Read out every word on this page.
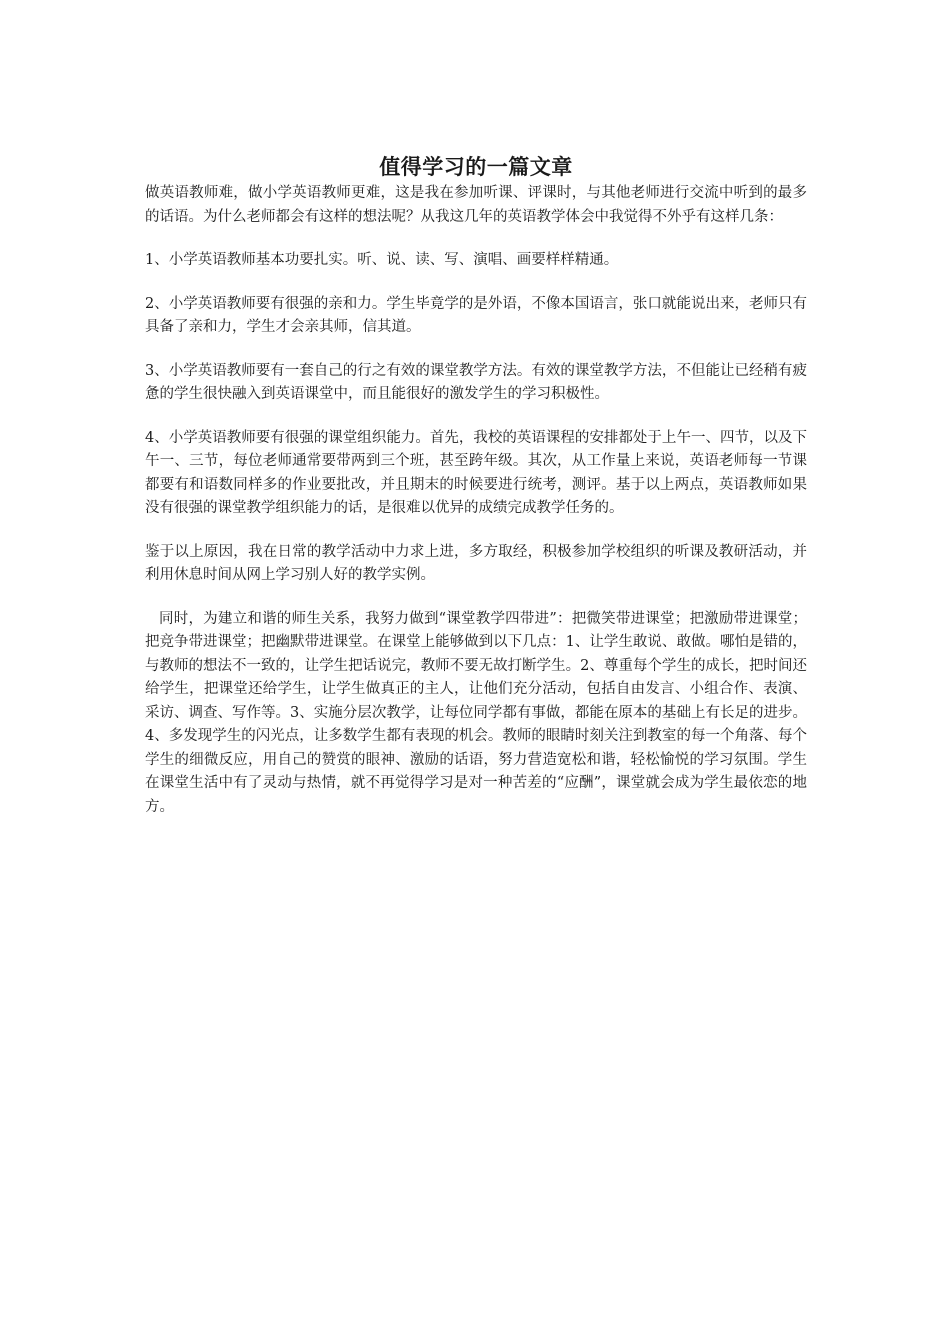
值得学习的一篇文章

做英语教师难，做小学英语教师更难，这是我在参加听课、评课时，与其他老师进行交流中听到的最多的话语。为什么老师都会有这样的想法呢？从我这几年的英语教学体会中我觉得不外乎有这样几条：

1、小学英语教师基本功要扎实。听、说、读、写、演唱、画要样样精通。

2、小学英语教师要有很强的亲和力。学生毕竟学的是外语，不像本国语言，张口就能说出来，老师只有具备了亲和力，学生才会亲其师，信其道。

3、小学英语教师要有一套自己的行之有效的课堂教学方法。有效的课堂教学方法，不但能让已经稍有疲惫的学生很快融入到英语课堂中，而且能很好的激发学生的学习积极性。

4、小学英语教师要有很强的课堂组织能力。首先，我校的英语课程的安排都处于上午一、四节，以及下午一、三节，每位老师通常要带两到三个班，甚至跨年级。其次，从工作量上来说，英语老师每一节课都要有和语数同样多的作业要批改，并且期末的时候要进行统考，测评。基于以上两点，英语教师如果没有很强的课堂教学组织能力的话，是很难以优异的成绩完成教学任务的。

鉴于以上原因，我在日常的教学活动中力求上进，多方取经，积极参加学校组织的听课及教研活动，并利用休息时间从网上学习别人好的教学实例。

同时，为建立和谐的师生关系，我努力做到“课堂教学四带进”：把微笑带进课堂；把激励带进课堂；把竞争带进课堂；把幽默带进课堂。在课堂上能够做到以下几点：1、让学生敢说、敢做。哪怕是错的，与教师的想法不一致的，让学生把话说完，教师不要无故打断学生。2、尊重每个学生的成长，把时间还给学生，把课堂还给学生，让学生做真正的主人，让他们充分活动，包括自由发言、小组合作、表演、采访、调查、写作等。3、实施分层次教学，让每位同学都有事做，都能在原本的基础上有长足的进步。4、多发现学生的闪光点，让多数学生都有表现的机会。教师的眼睛时刻关注到教室的每一个角落、每个学生的细微反应，用自己的赞赏的眼神、激励的话语，努力营造宽松和谐，轻松愉悦的学习氛围。学生在课堂生活中有了灵动与热情，就不再觉得学习是对一种苦差的“应酬”，课堂就会成为学生最依恋的地方。
